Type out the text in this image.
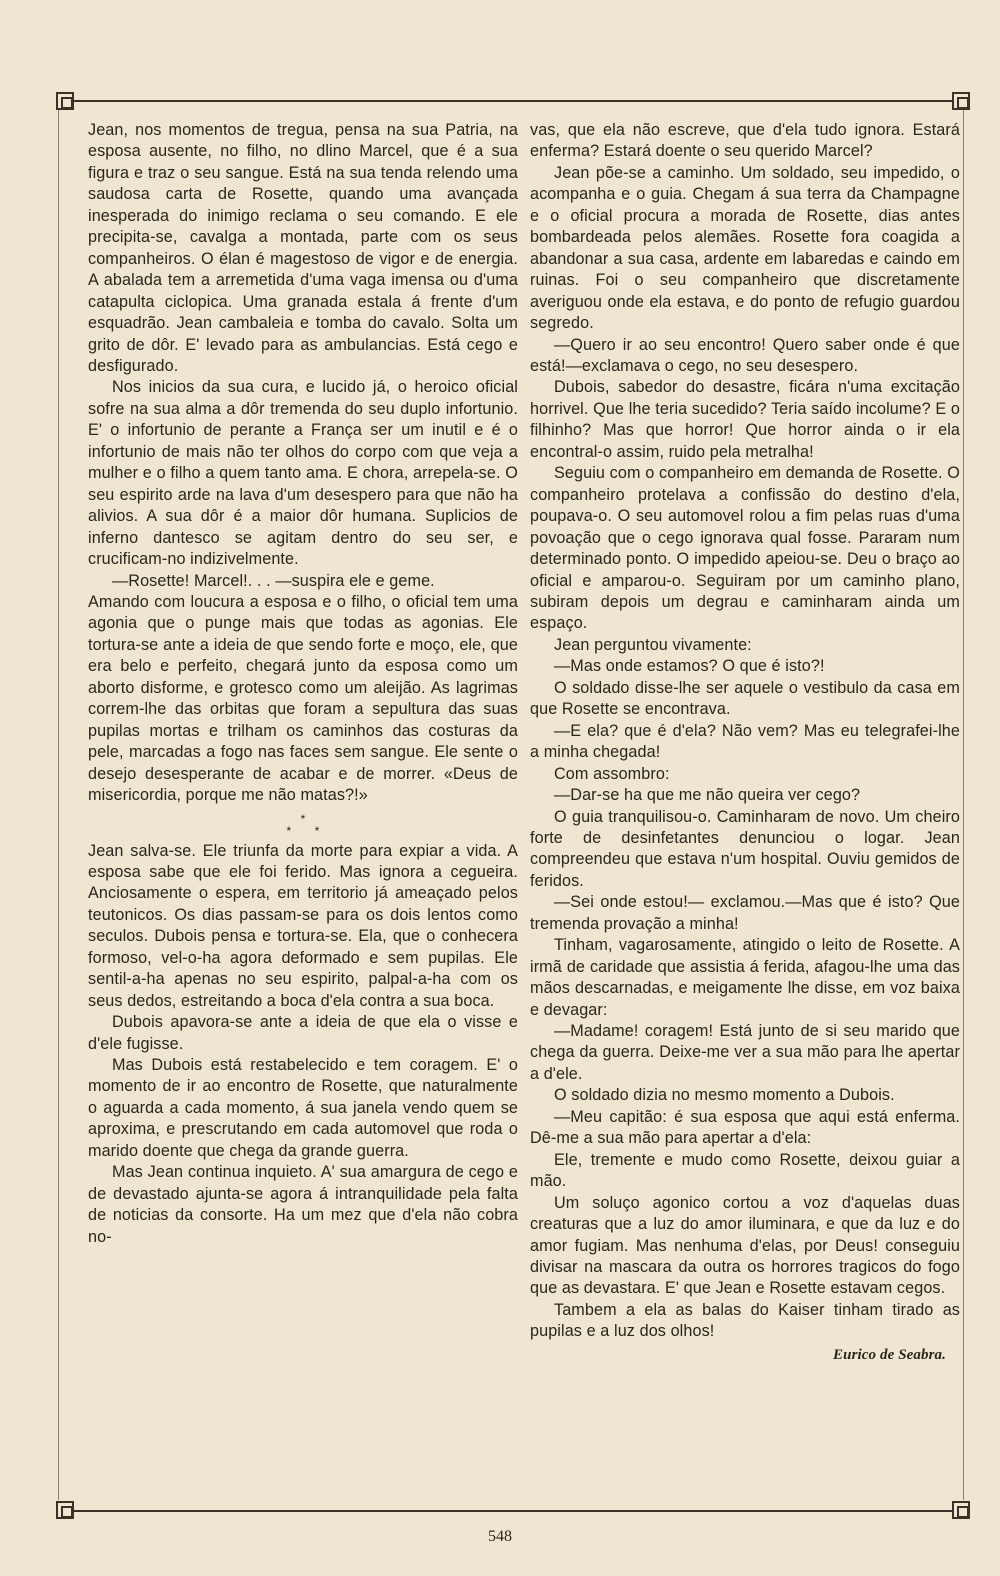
Jean, nos momentos de tregua, pensa na sua Patria, na esposa ausente, no filho, no dlino Marcel, que é a sua figura e traz o seu sangue. Está na sua tenda relendo uma saudosa carta de Rosette, quando uma avançada inesperada do inimigo reclama o seu comando. E ele precipita-se, cavalga a montada, parte com os seus companheiros. O élan é magestoso de vigor e de energia. A abalada tem a arremetida d'uma vaga imensa ou d'uma catapulta ciclopica. Uma granada estala á frente d'um esquadrão. Jean cambaleia e tomba do cavalo. Solta um grito de dôr. E' levado para as ambulancias. Está cego e desfigurado.

Nos inicios da sua cura, e lucido já, o heroico oficial sofre na sua alma a dôr tremenda do seu duplo infortunio. E' o infortunio de perante a França ser um inutil e é o infortunio de mais não ter olhos do corpo com que veja a mulher e o filho a quem tanto ama. E chora, arrepela-se. O seu espirito arde na lava d'um desespero para que não ha alivios. A sua dôr é a maior dôr humana. Suplicios de inferno dantesco se agitam dentro do seu ser, e crucificam-no indizivelmente.

—Rosette! Marcel!. . . —suspira ele e geme.

Amando com loucura a esposa e o filho, o oficial tem uma agonia que o punge mais que todas as agonias. Ele tortura-se ante a ideia de que sendo forte e moço, ele, que era belo e perfeito, chegará junto da esposa como um aborto disforme, e grotesco como um aleijão. As lagrimas correm-lhe das orbitas que foram a sepultura das suas pupilas mortas e trilham os caminhos das costuras da pele, marcadas a fogo nas faces sem sangue. Ele sente o desejo desesperante de acabar e de morrer. «Deus de misericordia, porque me não matas?!»

*
* *

Jean salva-se. Ele triunfa da morte para expiar a vida. A esposa sabe que ele foi ferido. Mas ignora a cegueira. Anciosamente o espera, em territorio já ameaçado pelos teutonicos. Os dias passam-se para os dois lentos como seculos. Dubois pensa e tortura-se. Ela, que o conhecera formoso, vel-o-ha agora deformado e sem pupilas. Ele sentil-a-ha apenas no seu espirito, palpal-a-ha com os seus dedos, estreitando a boca d'ela contra a sua boca.

Dubois apavora-se ante a ideia de que ela o visse e d'ele fugisse.

Mas Dubois está restabelecido e tem coragem. E' o momento de ir ao encontro de Rosette, que naturalmente o aguarda a cada momento, á sua janela vendo quem se aproxima, e prescrutando em cada automovel que roda o marido doente que chega da grande guerra.

Mas Jean continua inquieto. A' sua amargura de cego e de devastado ajunta-se agora á intranquilidade pela falta de noticias da consorte. Ha um mez que d'ela não cobra no-

vas, que ela não escreve, que d'ela tudo ignora. Estará enferma? Estará doente o seu querido Marcel?

Jean põe-se a caminho. Um soldado, seu impedido, o acompanha e o guia. Chegam á sua terra da Champagne e o oficial procura a morada de Rosette, dias antes bombardeada pelos alemães. Rosette fora coagida a abandonar a sua casa, ardente em labaredas e caindo em ruinas. Foi o seu companheiro que discretamente averiguou onde ela estava, e do ponto de refugio guardou segredo.

—Quero ir ao seu encontro! Quero saber onde é que está!—exclamava o cego, no seu desespero.

Dubois, sabedor do desastre, ficára n'uma excitação horrivel. Que lhe teria sucedido? Teria saído incolume? E o filhinho? Mas que horror! Que horror ainda o ir ela encontral-o assim, ruido pela metralha!

Seguiu com o companheiro em demanda de Rosette. O companheiro protelava a confissão do destino d'ela, poupava-o. O seu automovel rolou a fim pelas ruas d'uma povoação que o cego ignorava qual fosse. Pararam num determinado ponto. O impedido apeiou-se. Deu o braço ao oficial e amparou-o. Seguiram por um caminho plano, subiram depois um degrau e caminharam ainda um espaço.

Jean perguntou vivamente:

—Mas onde estamos? O que é isto?!

O soldado disse-lhe ser aquele o vestibulo da casa em que Rosette se encontrava.

—E ela? que é d'ela? Não vem? Mas eu telegrafei-lhe a minha chegada!

Com assombro:

—Dar-se ha que me não queira ver cego?

O guia tranquilisou-o. Caminharam de novo. Um cheiro forte de desinfetantes denunciou o logar. Jean compreendeu que estava n'um hospital. Ouviu gemidos de feridos.

—Sei onde estou!— exclamou.—Mas que é isto? Que tremenda provação a minha!

Tinham, vagarosamente, atingido o leito de Rosette. A irmã de caridade que assistia á ferida, afagou-lhe uma das mãos descarnadas, e meigamente lhe disse, em voz baixa e devagar:

—Madame! coragem! Está junto de si seu marido que chega da guerra. Deixe-me ver a sua mão para lhe apertar a d'ele.

O soldado dizia no mesmo momento a Dubois.

—Meu capitão: é sua esposa que aqui está enferma. Dê-me a sua mão para apertar a d'ela:

Ele, tremente e mudo como Rosette, deixou guiar a mão.

Um soluço agonico cortou a voz d'aquelas duas creaturas que a luz do amor iluminara, e que da luz e do amor fugiam. Mas nenhuma d'elas, por Deus! conseguiu divisar na mascara da outra os horrores tragicos do fogo que as devastara. E' que Jean e Rosette estavam cegos.

Tambem a ela as balas do Kaiser tinham tirado as pupilas e a luz dos olhos!

Eurico de Seabra.
548
